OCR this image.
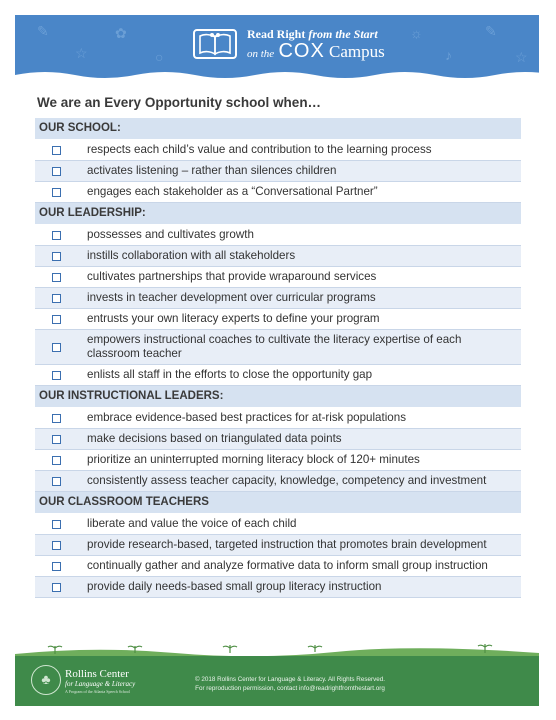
✎
☆
✿
○
☼
♪
✎
☆
Read Right from the Start
on the COX Campus
We are an Every Opportunity school when…
OUR SCHOOL:
respects each child’s value and contribution to the learning process
activates listening – rather than silences children
engages each stakeholder as a “Conversational Partner”
OUR LEADERSHIP:
possesses and cultivates growth
instills collaboration with all stakeholders
cultivates partnerships that provide wraparound services
invests in teacher development over curricular programs
entrusts your own literacy experts to define your program
empowers instructional coaches to cultivate the literacy expertise of each classroom teacher
enlists all staff in the efforts to close the opportunity gap
OUR INSTRUCTIONAL LEADERS:
embrace evidence-based best practices for at-risk populations
make decisions based on triangulated data points
prioritize an uninterrupted morning literacy block of 120+ minutes
consistently assess teacher capacity, knowledge, competency and investment
OUR CLASSROOM TEACHERS
liberate and value the voice of each child
provide research-based, targeted instruction that promotes brain development
continually gather and analyze formative data to inform small group instruction
provide daily needs-based small group literacy instruction
♣	Rollins Center
for Language & Literacy
A Program of the Atlanta Speech School
© 2018 Rollins Center for Language & Literacy. All Rights Reserved.
For reproduction permission, contact info@readrightfromthestart.org
